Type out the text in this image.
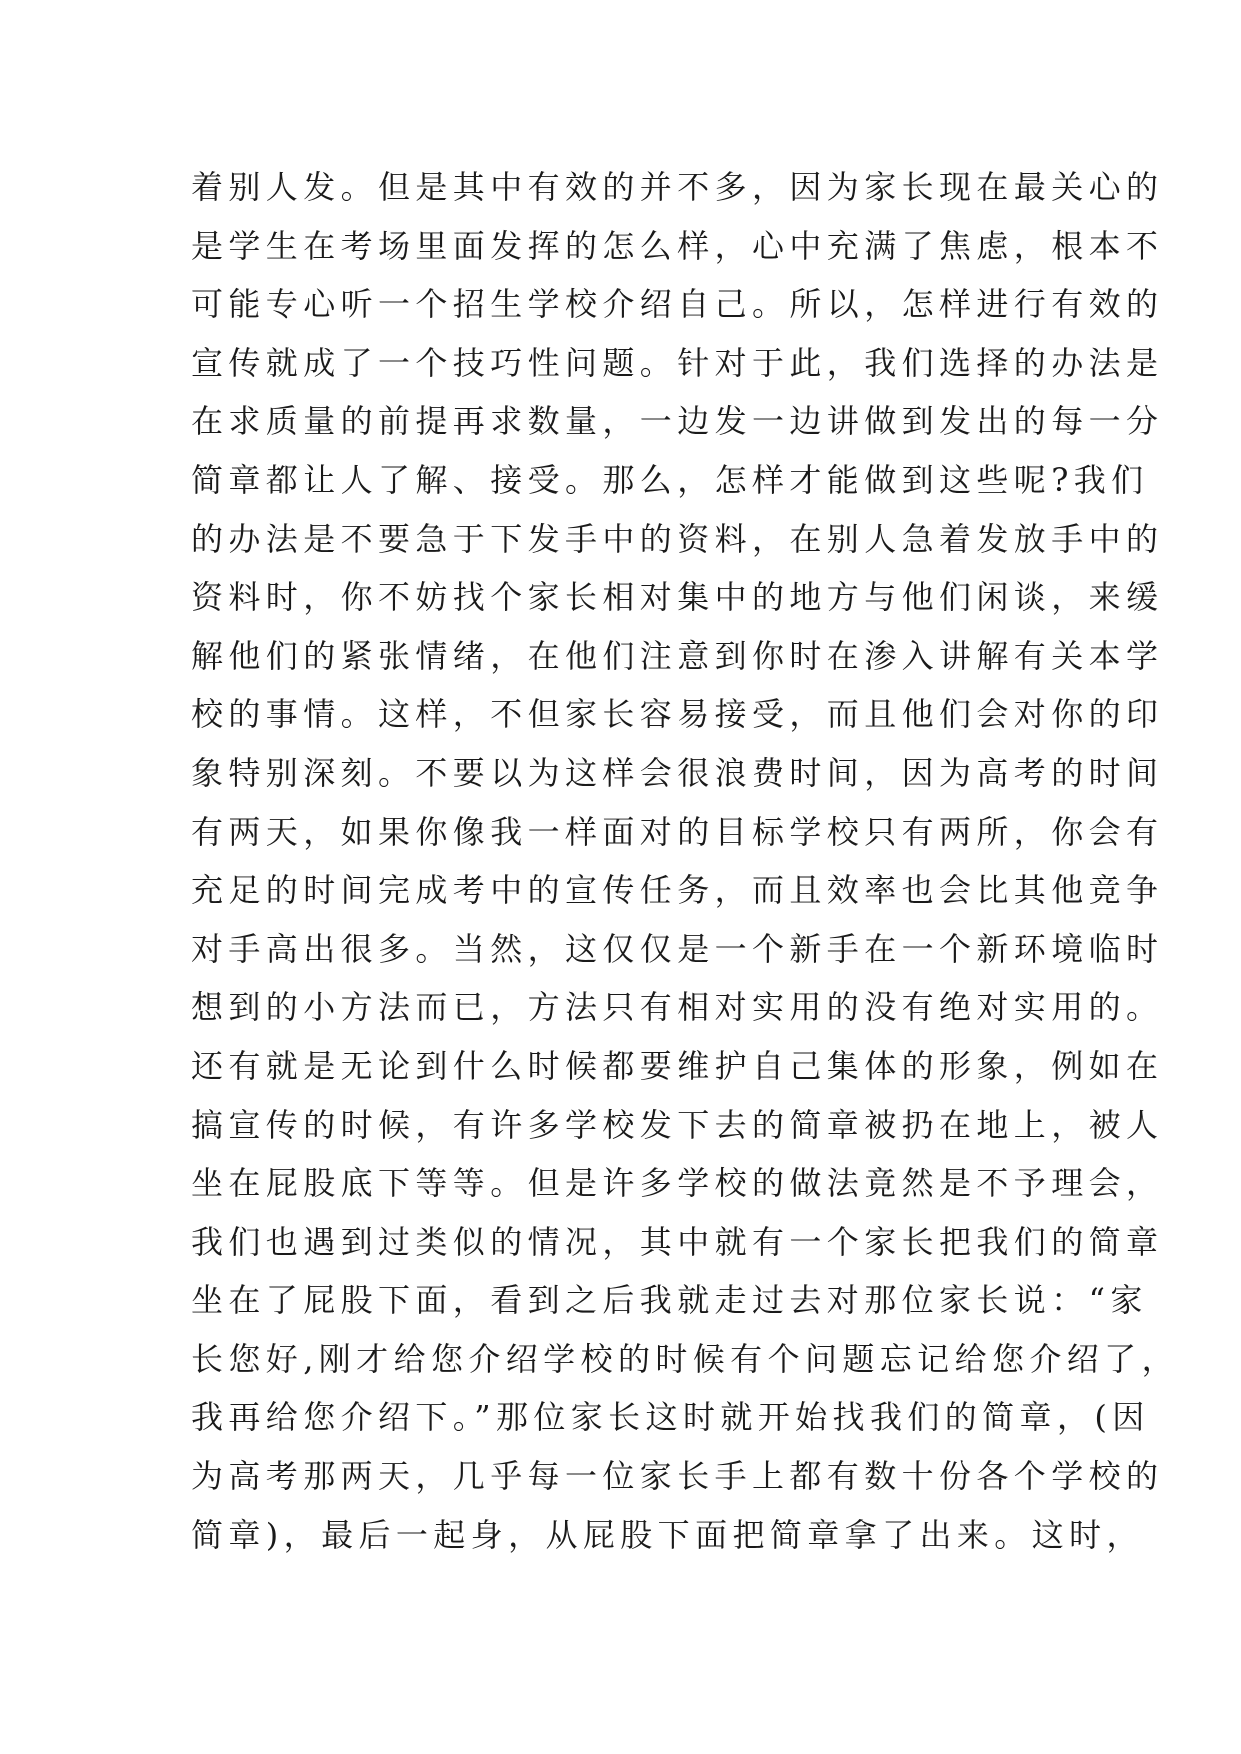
着别人发。但是其中有效的并不多，因为家长现在最关心的
是学生在考场里面发挥的怎么样，心中充满了焦虑，根本不
可能专心听一个招生学校介绍自己。所以，怎样进行有效的
宣传就成了一个技巧性问题。针对于此，我们选择的办法是
在求质量的前提再求数量，一边发一边讲做到发出的每一分
简章都让人了解、接受。那么，怎样才能做到这些呢?我们
的办法是不要急于下发手中的资料，在别人急着发放手中的
资料时，你不妨找个家长相对集中的地方与他们闲谈，来缓
解他们的紧张情绪，在他们注意到你时在渗入讲解有关本学
校的事情。这样，不但家长容易接受，而且他们会对你的印
象特别深刻。不要以为这样会很浪费时间，因为高考的时间
有两天，如果你像我一样面对的目标学校只有两所，你会有
充足的时间完成考中的宣传任务，而且效率也会比其他竞争
对手高出很多。当然，这仅仅是一个新手在一个新环境临时
想到的小方法而已，方法只有相对实用的没有绝对实用的。
还有就是无论到什么时候都要维护自己集体的形象，例如在
搞宣传的时候，有许多学校发下去的简章被扔在地上，被人
坐在屁股底下等等。但是许多学校的做法竟然是不予理会，
我们也遇到过类似的情况，其中就有一个家长把我们的简章
坐在了屁股下面，看到之后我就走过去对那位家长说：“家
长您好,刚才给您介绍学校的时候有个问题忘记给您介绍了，
我再给您介绍下。”那位家长这时就开始找我们的简章，(因
为高考那两天，几乎每一位家长手上都有数十份各个学校的
简章)，最后一起身，从屁股下面把简章拿了出来。这时，
